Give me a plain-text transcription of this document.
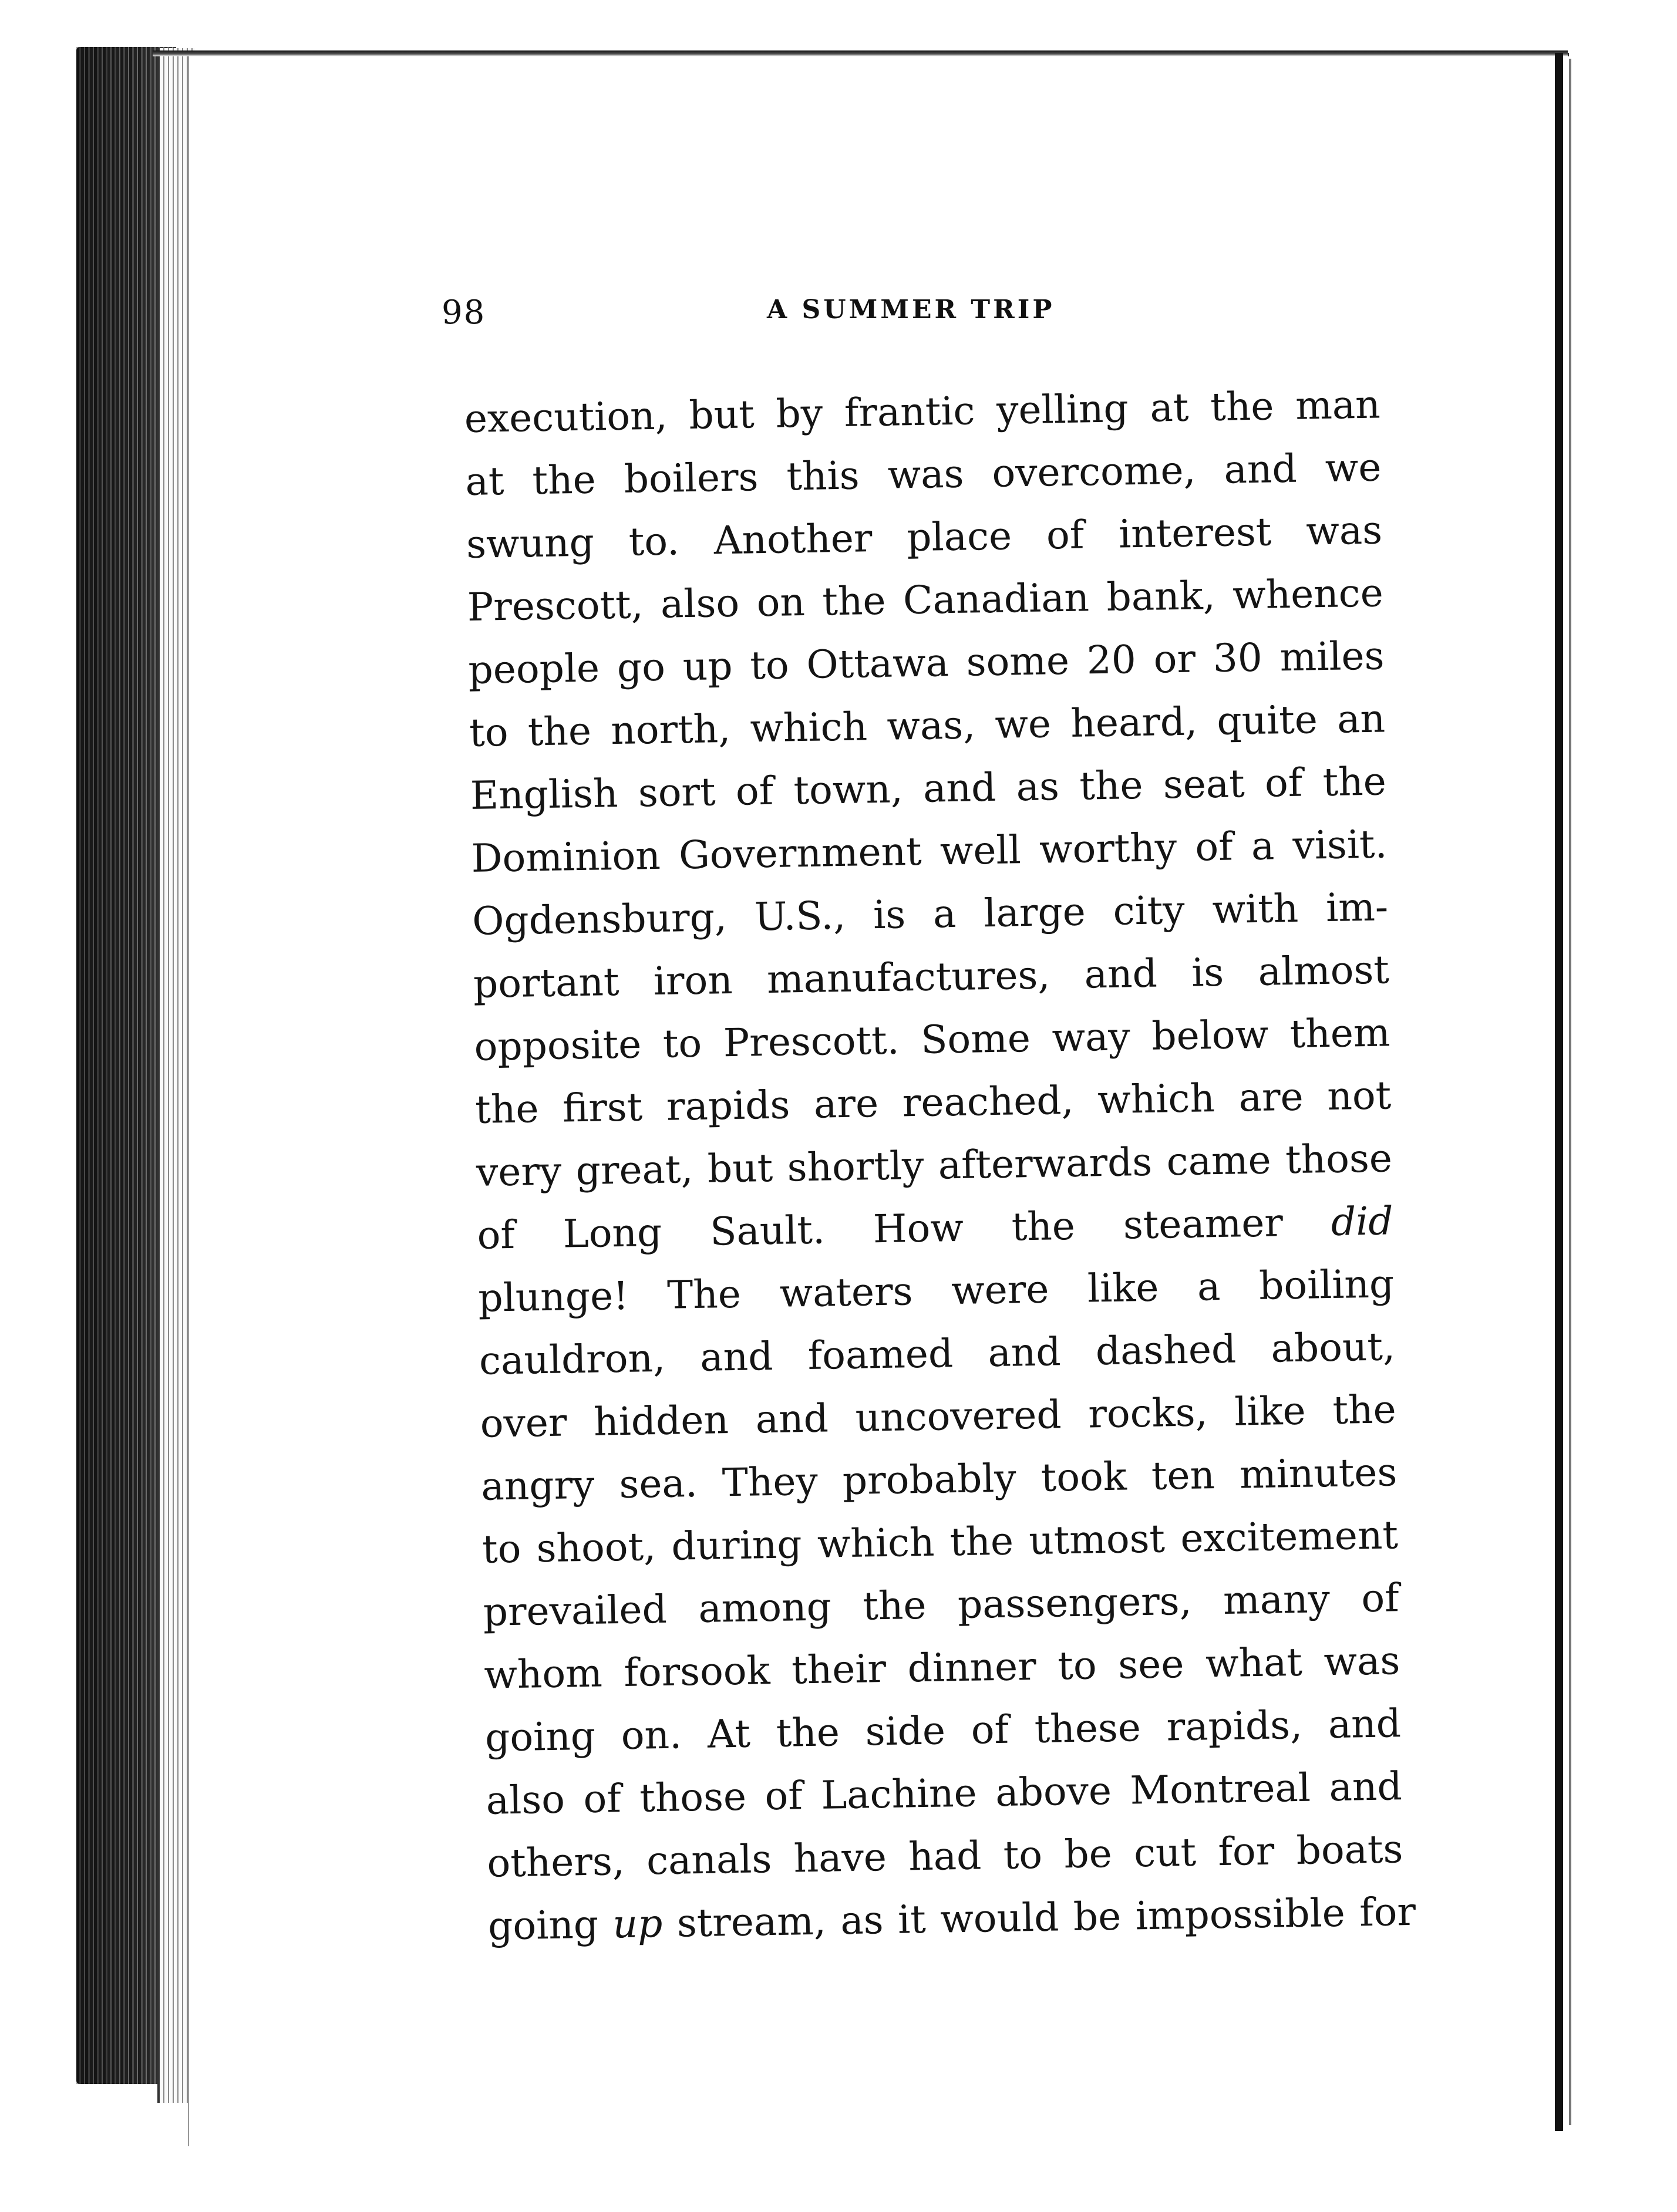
98	A SUMMER TRIP
execution, but by frantic yelling at the man
at the boilers this was overcome, and we
swung to. Another place of interest was
Prescott, also on the Canadian bank, whence
people go up to Ottawa some 20 or 30 miles
to the north, which was, we heard, quite an
English sort of town, and as the seat of the
Dominion Government well worthy of a visit.
Ogdensburg, U.S., is a large city with im-
portant iron manufactures, and is almost
opposite to Prescott. Some way below them
the first rapids are reached, which are not
very great, but shortly afterwards came those
of Long Sault. How the steamer did
plunge! The waters were like a boiling
cauldron, and foamed and dashed about,
over hidden and uncovered rocks, like the
angry sea. They probably took ten minutes
to shoot, during which the utmost excitement
prevailed among the passengers, many of
whom forsook their dinner to see what was
going on. At the side of these rapids, and
also of those of Lachine above Montreal and
others, canals have had to be cut for boats
going up stream, as it would be impossible for
